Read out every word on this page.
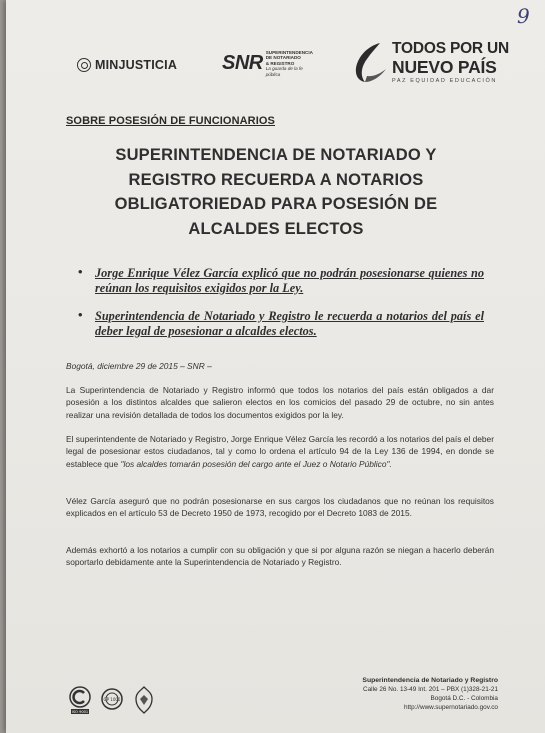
9
MINJUSTICIA SNR SUPERINTENDENCIA
DE NOTARIADO
& REGISTRO
La guarda de la fe pública
TODOS POR UN
NUEVO PAÍS
PAZ EQUIDAD EDUCACIÓN
SOBRE POSESIÓN DE FUNCIONARIOS
SUPERINTENDENCIA DE NOTARIADO Y REGISTRO RECUERDA A NOTARIOS OBLIGATORIEDAD PARA POSESIÓN DE ALCALDES ELECTOS
• Jorge Enrique Vélez García explicó que no podrán posesionarse quienes no reúnan los requisitos exigidos por la Ley.
• Superintendencia de Notariado y Registro le recuerda a notarios del país el deber legal de posesionar a alcaldes electos.
Bogotá, diciembre 29 de 2015 – SNR –

La Superintendencia de Notariado y Registro informó que todos los notarios del país están obligados a dar posesión a los distintos alcaldes que salieron electos en los comicios del pasado 29 de octubre, no sin antes realizar una revisión detallada de todos los documentos exigidos por la ley.

El superintendente de Notariado y Registro, Jorge Enrique Vélez García les recordó a los notarios del país el deber legal de posesionar estos ciudadanos, tal y como lo ordena el artículo 94 de la Ley 136 de 1994, en donde se establece que "los alcaldes tomarán posesión del cargo ante el Juez o Notario Público".

Vélez García aseguró que no podrán posesionarse en sus cargos los ciudadanos que no reúnan los requisitos explicados en el artículo 53 de Decreto 1950 de 1973, recogido por el Decreto 1083 de 2015.

Además exhortó a los notarios a cumplir con su obligación y que si por alguna razón se niegan a hacerlo deberán soportarlo debidamente ante la Superintendencia de Notariado y Registro.

ISO 9001
GP 1000
Superintendencia de Notariado y Registro
Calle 26 No. 13-49 Int. 201 – PBX (1)328-21-21
Bogotá D.C. - Colombia
http://www.supernotariado.gov.co
